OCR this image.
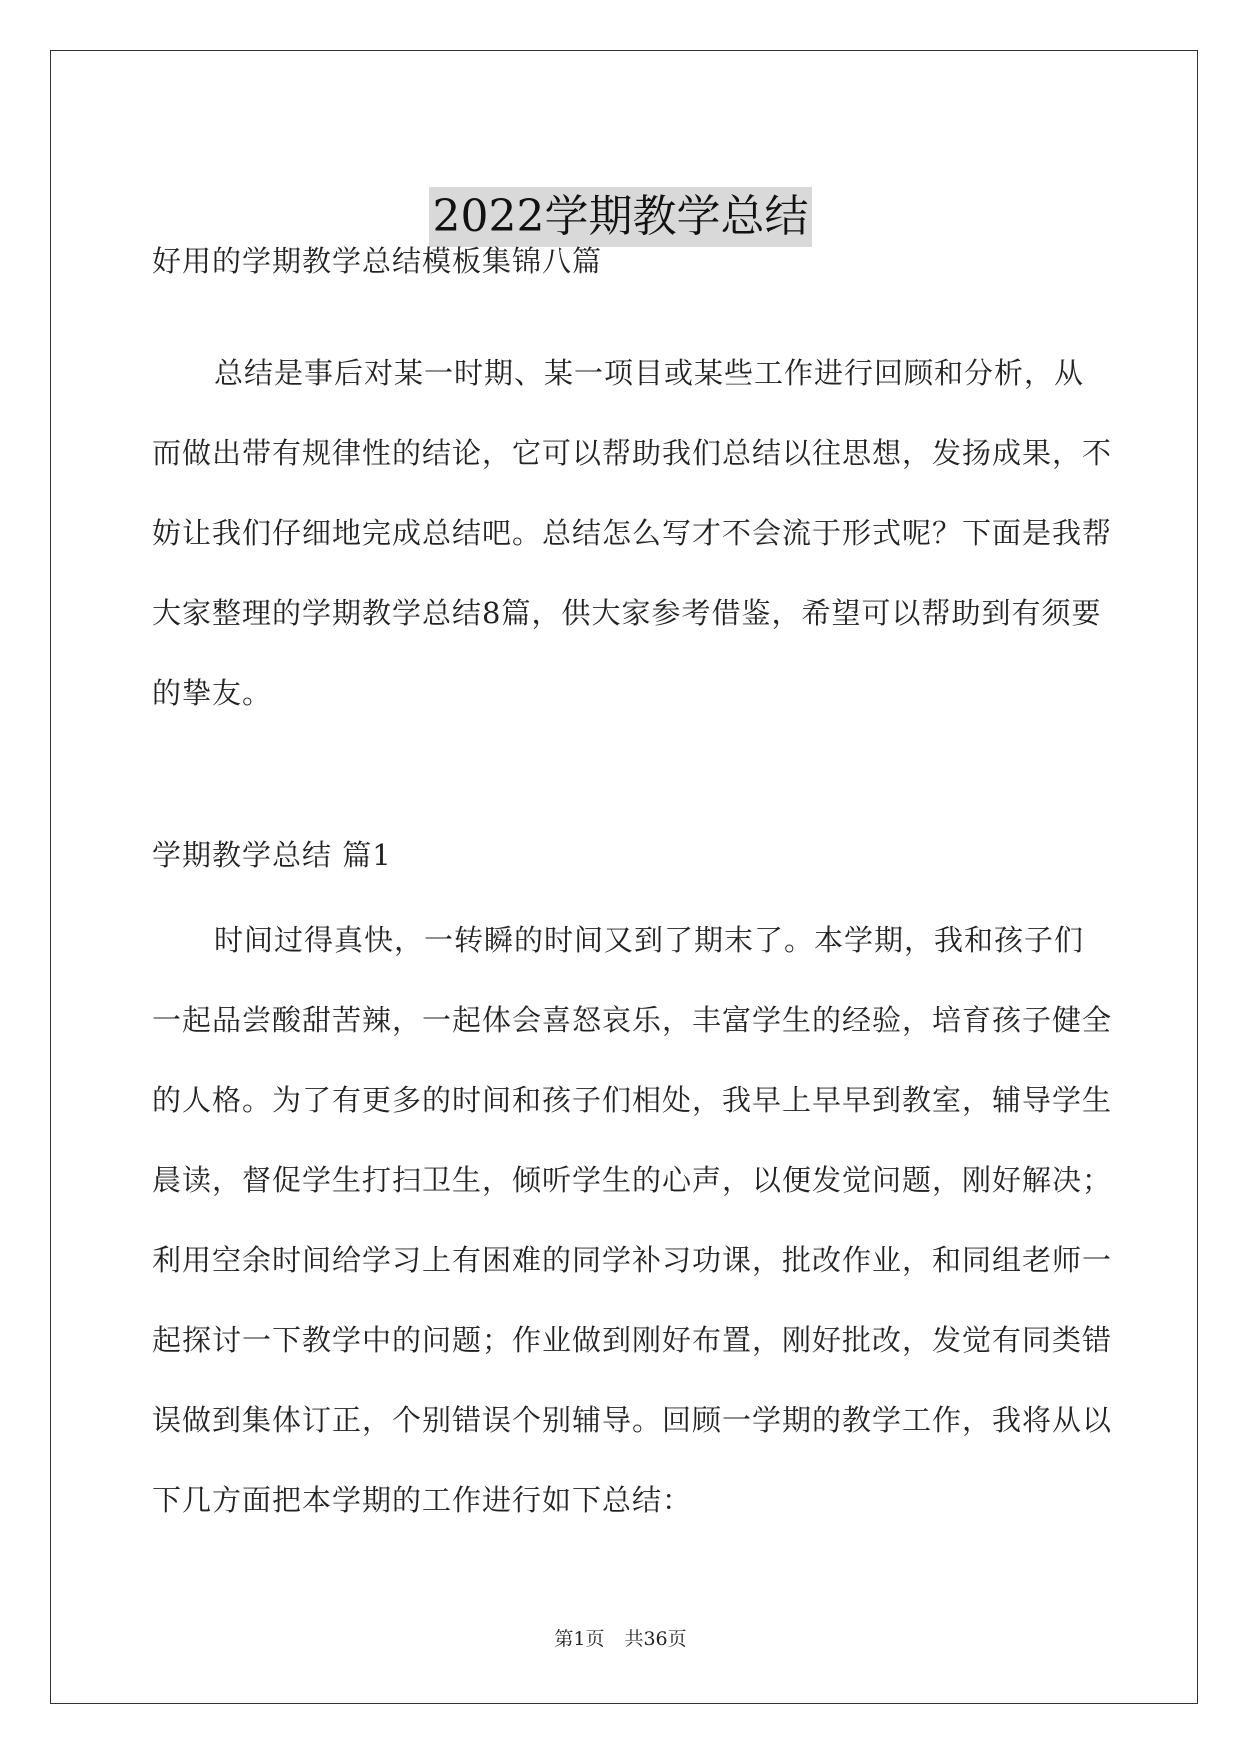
2022学期教学总结
好用的学期教学总结模板集锦八篇
总结是事后对某一时期、某一项目或某些工作进行回顾和分析，从而做出带有规律性的结论，它可以帮助我们总结以往思想，发扬成果，不妨让我们仔细地完成总结吧。总结怎么写才不会流于形式呢？下面是我帮大家整理的学期教学总结8篇，供大家参考借鉴，希望可以帮助到有须要的挚友。
学期教学总结 篇1
时间过得真快，一转瞬的时间又到了期末了。本学期，我和孩子们一起品尝酸甜苦辣，一起体会喜怒哀乐，丰富学生的经验，培育孩子健全的人格。为了有更多的时间和孩子们相处，我早上早早到教室，辅导学生晨读，督促学生打扫卫生，倾听学生的心声，以便发觉问题，刚好解决；利用空余时间给学习上有困难的同学补习功课，批改作业，和同组老师一起探讨一下教学中的问题；作业做到刚好布置，刚好批改，发觉有同类错误做到集体订正，个别错误个别辅导。回顾一学期的教学工作，我将从以下几方面把本学期的工作进行如下总结：
第1页 共36页
